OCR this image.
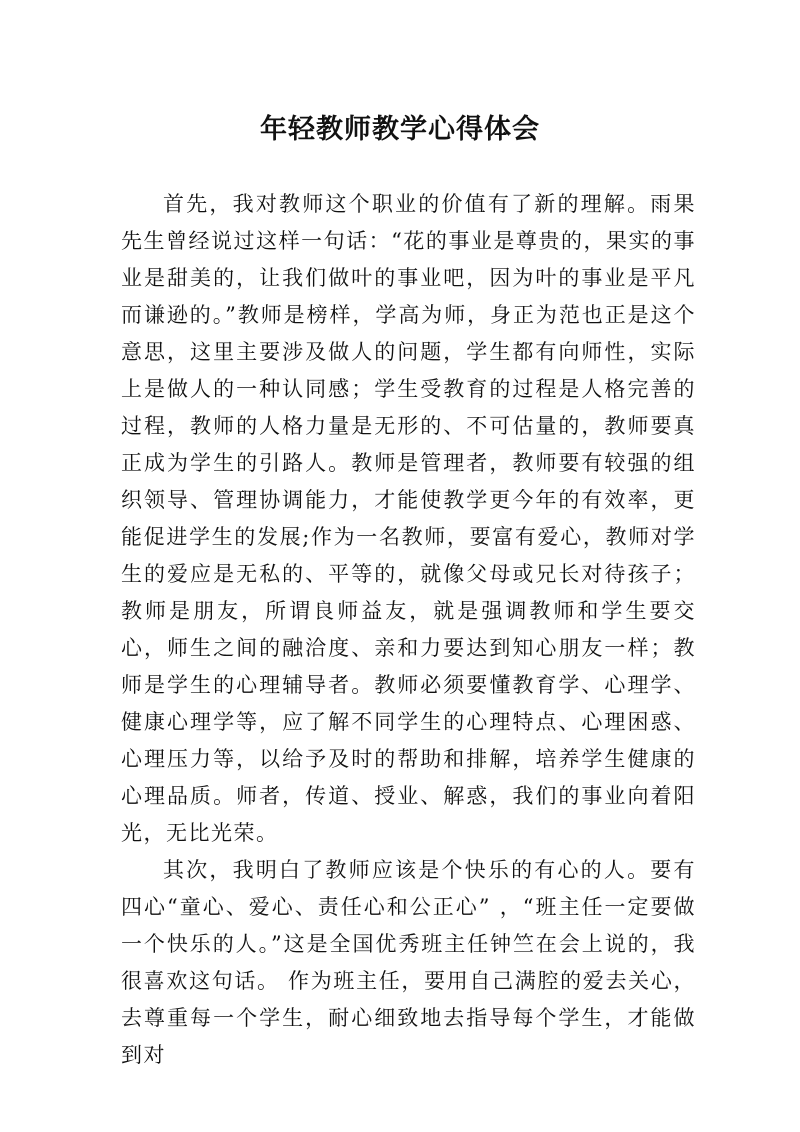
年轻教师教学心得体会

首先，我对教师这个职业的价值有了新的理解。雨果先生曾经说过这样一句话：“花的事业是尊贵的，果实的事业是甜美的，让我们做叶的事业吧，因为叶的事业是平凡而谦逊的。”教师是榜样，学高为师，身正为范也正是这个意思，这里主要涉及做人的问题，学生都有向师性，实际上是做人的一种认同感；学生受教育的过程是人格完善的过程，教师的人格力量是无形的、不可估量的，教师要真正成为学生的引路人。教师是管理者，教师要有较强的组织领导、管理协调能力，才能使教学更今年的有效率，更能促进学生的发展;作为一名教师，要富有爱心，教师对学生的爱应是无私的、平等的，就像父母或兄长对待孩子；教师是朋友，所谓良师益友，就是强调教师和学生要交心，师生之间的融洽度、亲和力要达到知心朋友一样；教师是学生的心理辅导者。教师必须要懂教育学、心理学、健康心理学等，应了解不同学生的心理特点、心理困惑、心理压力等，以给予及时的帮助和排解，培养学生健康的心理品质。师者，传道、授业、解惑，我们的事业向着阳光，无比光荣。

其次，我明白了教师应该是个快乐的有心的人。要有四心“童心、爱心、责任心和公正心” ，“班主任一定要做一个快乐的人。”这是全国优秀班主任钟竺在会上说的，我很喜欢这句话。 作为班主任，要用自己满腔的爱去关心，去尊重每一个学生，耐心细致地去指导每个学生，才能做到对
